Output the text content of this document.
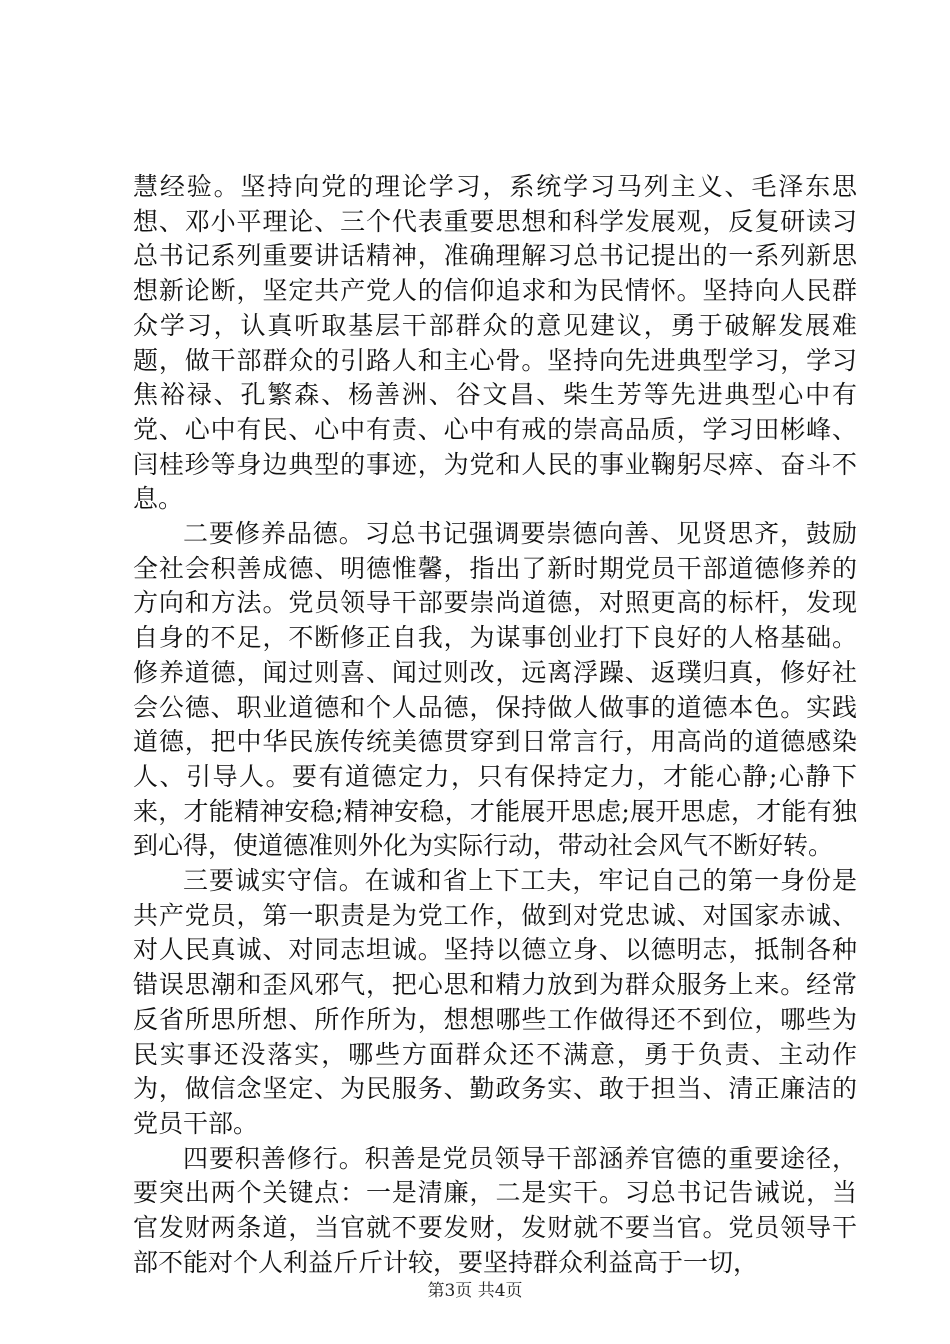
慧经验。坚持向党的理论学习，系统学习马列主义、毛泽东思想、邓小平理论、三个代表重要思想和科学发展观，反复研读习总书记系列重要讲话精神，准确理解习总书记提出的一系列新思想新论断，坚定共产党人的信仰追求和为民情怀。坚持向人民群众学习，认真听取基层干部群众的意见建议，勇于破解发展难题，做干部群众的引路人和主心骨。坚持向先进典型学习，学习焦裕禄、孔繁森、杨善洲、谷文昌、柴生芳等先进典型心中有党、心中有民、心中有责、心中有戒的崇高品质，学习田彬峰、闫桂珍等身边典型的事迹，为党和人民的事业鞠躬尽瘁、奋斗不息。

二要修养品德。习总书记强调要崇德向善、见贤思齐，鼓励全社会积善成德、明德惟馨，指出了新时期党员干部道德修养的方向和方法。党员领导干部要崇尚道德，对照更高的标杆，发现自身的不足，不断修正自我，为谋事创业打下良好的人格基础。修养道德，闻过则喜、闻过则改，远离浮躁、返璞归真，修好社会公德、职业道德和个人品德，保持做人做事的道德本色。实践道德，把中华民族传统美德贯穿到日常言行，用高尚的道德感染人、引导人。要有道德定力，只有保持定力，才能心静;心静下来，才能精神安稳;精神安稳，才能展开思虑;展开思虑，才能有独到心得，使道德准则外化为实际行动，带动社会风气不断好转。

三要诚实守信。在诚和省上下工夫，牢记自己的第一身份是共产党员，第一职责是为党工作，做到对党忠诚、对国家赤诚、对人民真诚、对同志坦诚。坚持以德立身、以德明志，抵制各种错误思潮和歪风邪气，把心思和精力放到为群众服务上来。经常反省所思所想、所作所为，想想哪些工作做得还不到位，哪些为民实事还没落实，哪些方面群众还不满意，勇于负责、主动作为，做信念坚定、为民服务、勤政务实、敢于担当、清正廉洁的党员干部。

四要积善修行。积善是党员领导干部涵养官德的重要途径，要突出两个关键点：一是清廉，二是实干。习总书记告诫说，当官发财两条道，当官就不要发财，发财就不要当官。党员领导干部不能对个人利益斤斤计较，要坚持群众利益高于一切，

第3页 共4页
